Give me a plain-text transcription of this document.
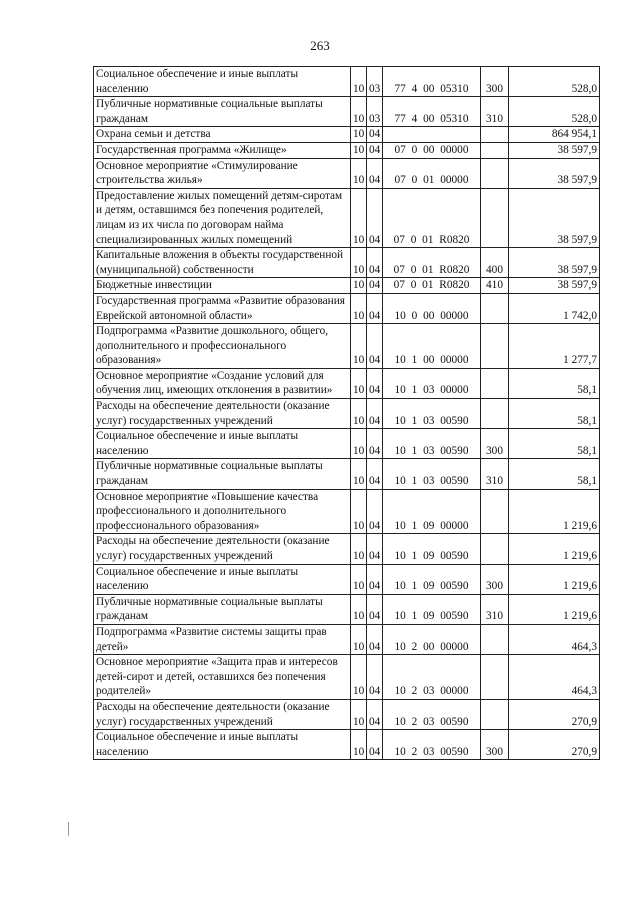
263
Социальное обеспечение и иные выплаты населению	10	03	77 4 00 05310	300	528,0
Публичные нормативные социальные выплаты гражданам	10	03	77 4 00 05310	310	528,0
Охрана семьи и детства	10	04			864 954,1
Государственная программа «Жилище»	10	04	07 0 00 00000		38 597,9
Основное мероприятие «Стимулирование строительства жилья»	10	04	07 0 01 00000		38 597,9
Предоставление жилых помещений детям-сиротам и детям, оставшимся без попечения родителей, лицам из их числа по договорам найма специализированных жилых помещений	10	04	07 0 01 R0820		38 597,9
Капитальные вложения в объекты государственной (муниципальной) собственности	10	04	07 0 01 R0820	400	38 597,9
Бюджетные инвестиции	10	04	07 0 01 R0820	410	38 597,9
Государственная программа «Развитие образования Еврейской автономной области»	10	04	10 0 00 00000		1 742,0
Подпрограмма «Развитие дошкольного, общего, дополнительного и профессионального образования»	10	04	10 1 00 00000		1 277,7
Основное мероприятие «Создание условий для обучения лиц, имеющих отклонения в развитии»	10	04	10 1 03 00000		58,1
Расходы на обеспечение деятельности (оказание услуг) государственных учреждений	10	04	10 1 03 00590		58,1
Социальное обеспечение и иные выплаты населению	10	04	10 1 03 00590	300	58,1
Публичные нормативные социальные выплаты гражданам	10	04	10 1 03 00590	310	58,1
Основное мероприятие «Повышение качества профессионального и дополнительного профессионального образования»	10	04	10 1 09 00000		1 219,6
Расходы на обеспечение деятельности (оказание услуг) государственных учреждений	10	04	10 1 09 00590		1 219,6
Социальное обеспечение и иные выплаты населению	10	04	10 1 09 00590	300	1 219,6
Публичные нормативные социальные выплаты гражданам	10	04	10 1 09 00590	310	1 219,6
Подпрограмма «Развитие системы защиты прав детей»	10	04	10 2 00 00000		464,3
Основное мероприятие «Защита прав и интересов детей-сирот и детей, оставшихся без попечения родителей»	10	04	10 2 03 00000		464,3
Расходы на обеспечение деятельности (оказание услуг) государственных учреждений	10	04	10 2 03 00590		270,9
Социальное обеспечение и иные выплаты населению	10	04	10 2 03 00590	300	270,9
